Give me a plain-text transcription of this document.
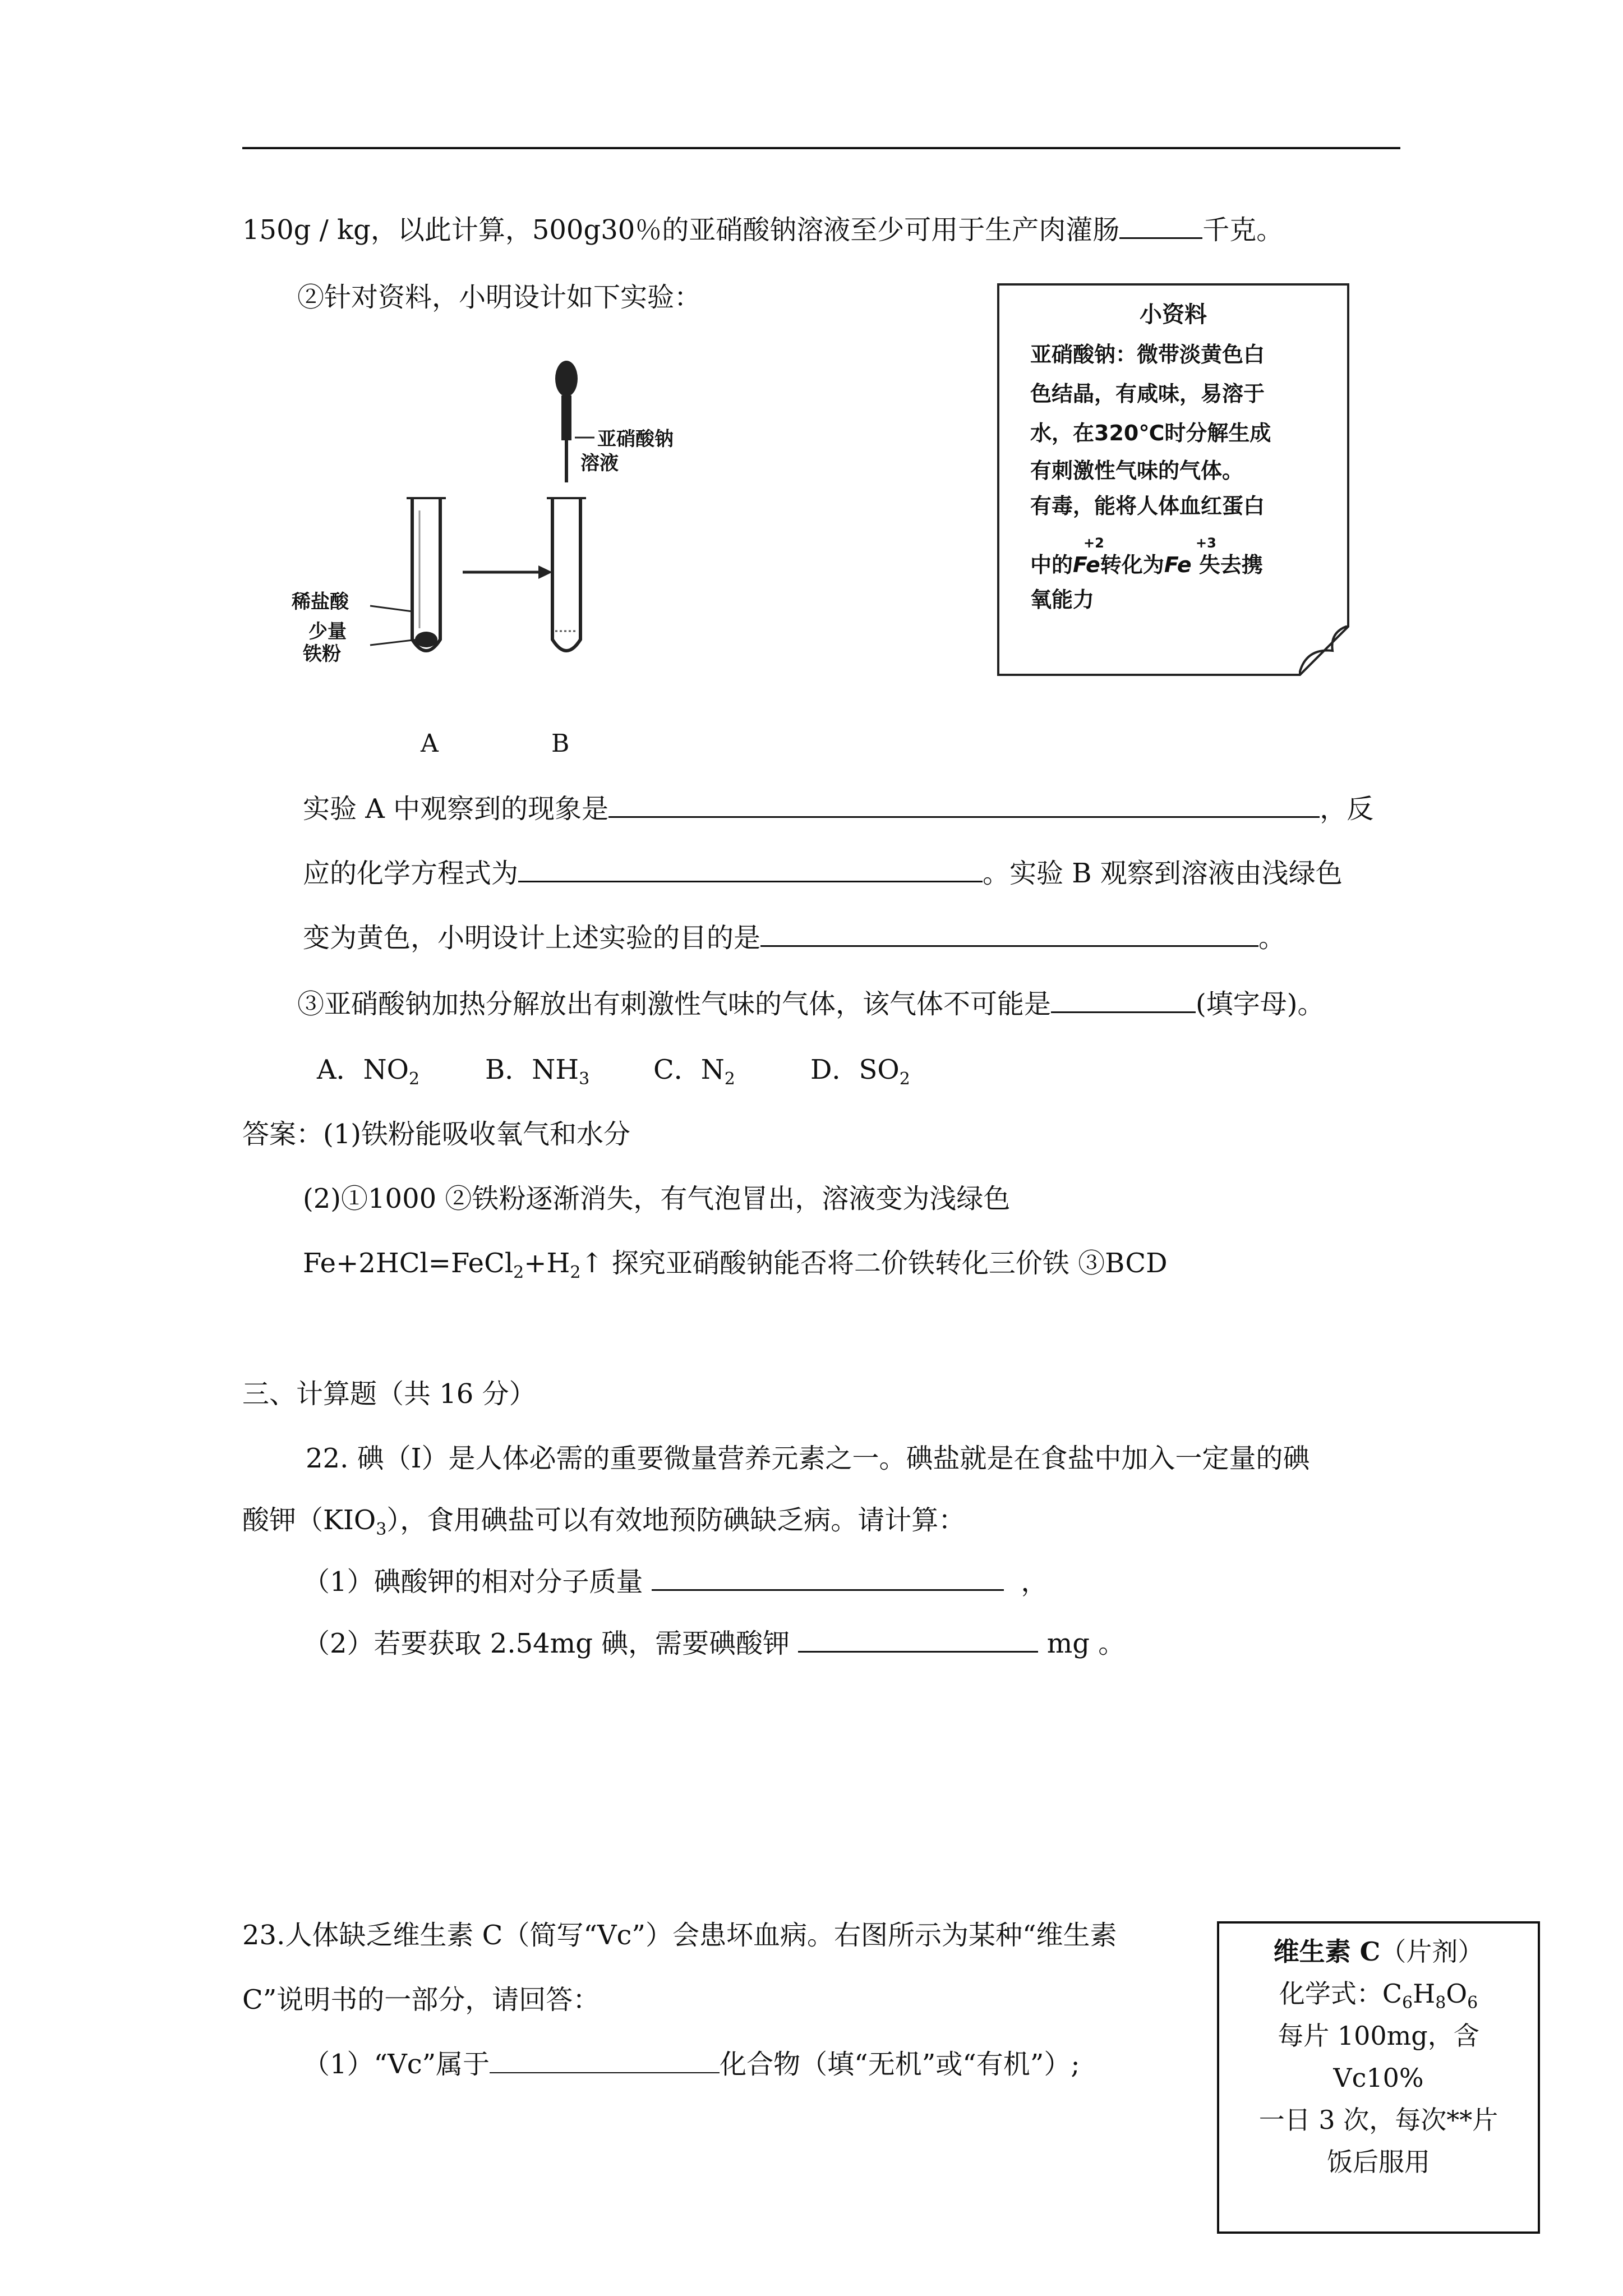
150g / kg，以此计算，500g30％的亚硝酸钠溶液至少可用于生产肉灌肠	千克。
②针对资料，小明设计如下实验：
亚硝酸钠
溶液
稀盐酸
少量
铁粉
A	B
小资料
亚硝酸钠：微带淡黄色白
色结晶，有咸味，易溶于
水，在320℃时分解生成
有刺激性气味的气体。
有毒，能将人体血红蛋白
+2	+3
中的Fe转化为Fe 失去携
氧能力
实验 A 中观察到的现象是	，反
应的化学方程式为	。实验 B 观察到溶液由浅绿色
变为黄色，小明设计上述实验的目的是	。
③亚硝酸钠加热分解放出有刺激性气味的气体，该气体不可能是	(填字母)。
A．$NO_2$ B．$NH_3$ C．$N_2$	D．$SO_2$
答案：(1)铁粉能吸收氧气和水分
(2)①1000 ②铁粉逐渐消失，有气泡冒出，溶液变为浅绿色
$Fe+2HCl=FeCl_2+H_2↑$ 探究亚硝酸钠能否将二价铁转化三价铁 ③BCD
三、计算题（共 16 分）
22. 碘（I）是人体必需的重要微量营养元素之一。碘盐就是在食盐中加入一定量的碘
酸钾$(KIO_3)$，食用碘盐可以有效地预防碘缺乏病。请计算：
（1）碘酸钾的相对分子质量	，
（2）若要获取 2.54mg 碘，需要碘酸钾	mg 。
23.人体缺乏维生素 C（简写“Vc”）会患坏血病。右图所示为某种“维生素
C”说明书的一部分，请回答：
（1）“Vc”属于	化合物（填“无机”或“有机”）;
维生素 C（片剂）
化学式：$C_6H_8O_6$
每片 100mg，含
Vc10%
一日 3 次，每次**片
饭后服用
